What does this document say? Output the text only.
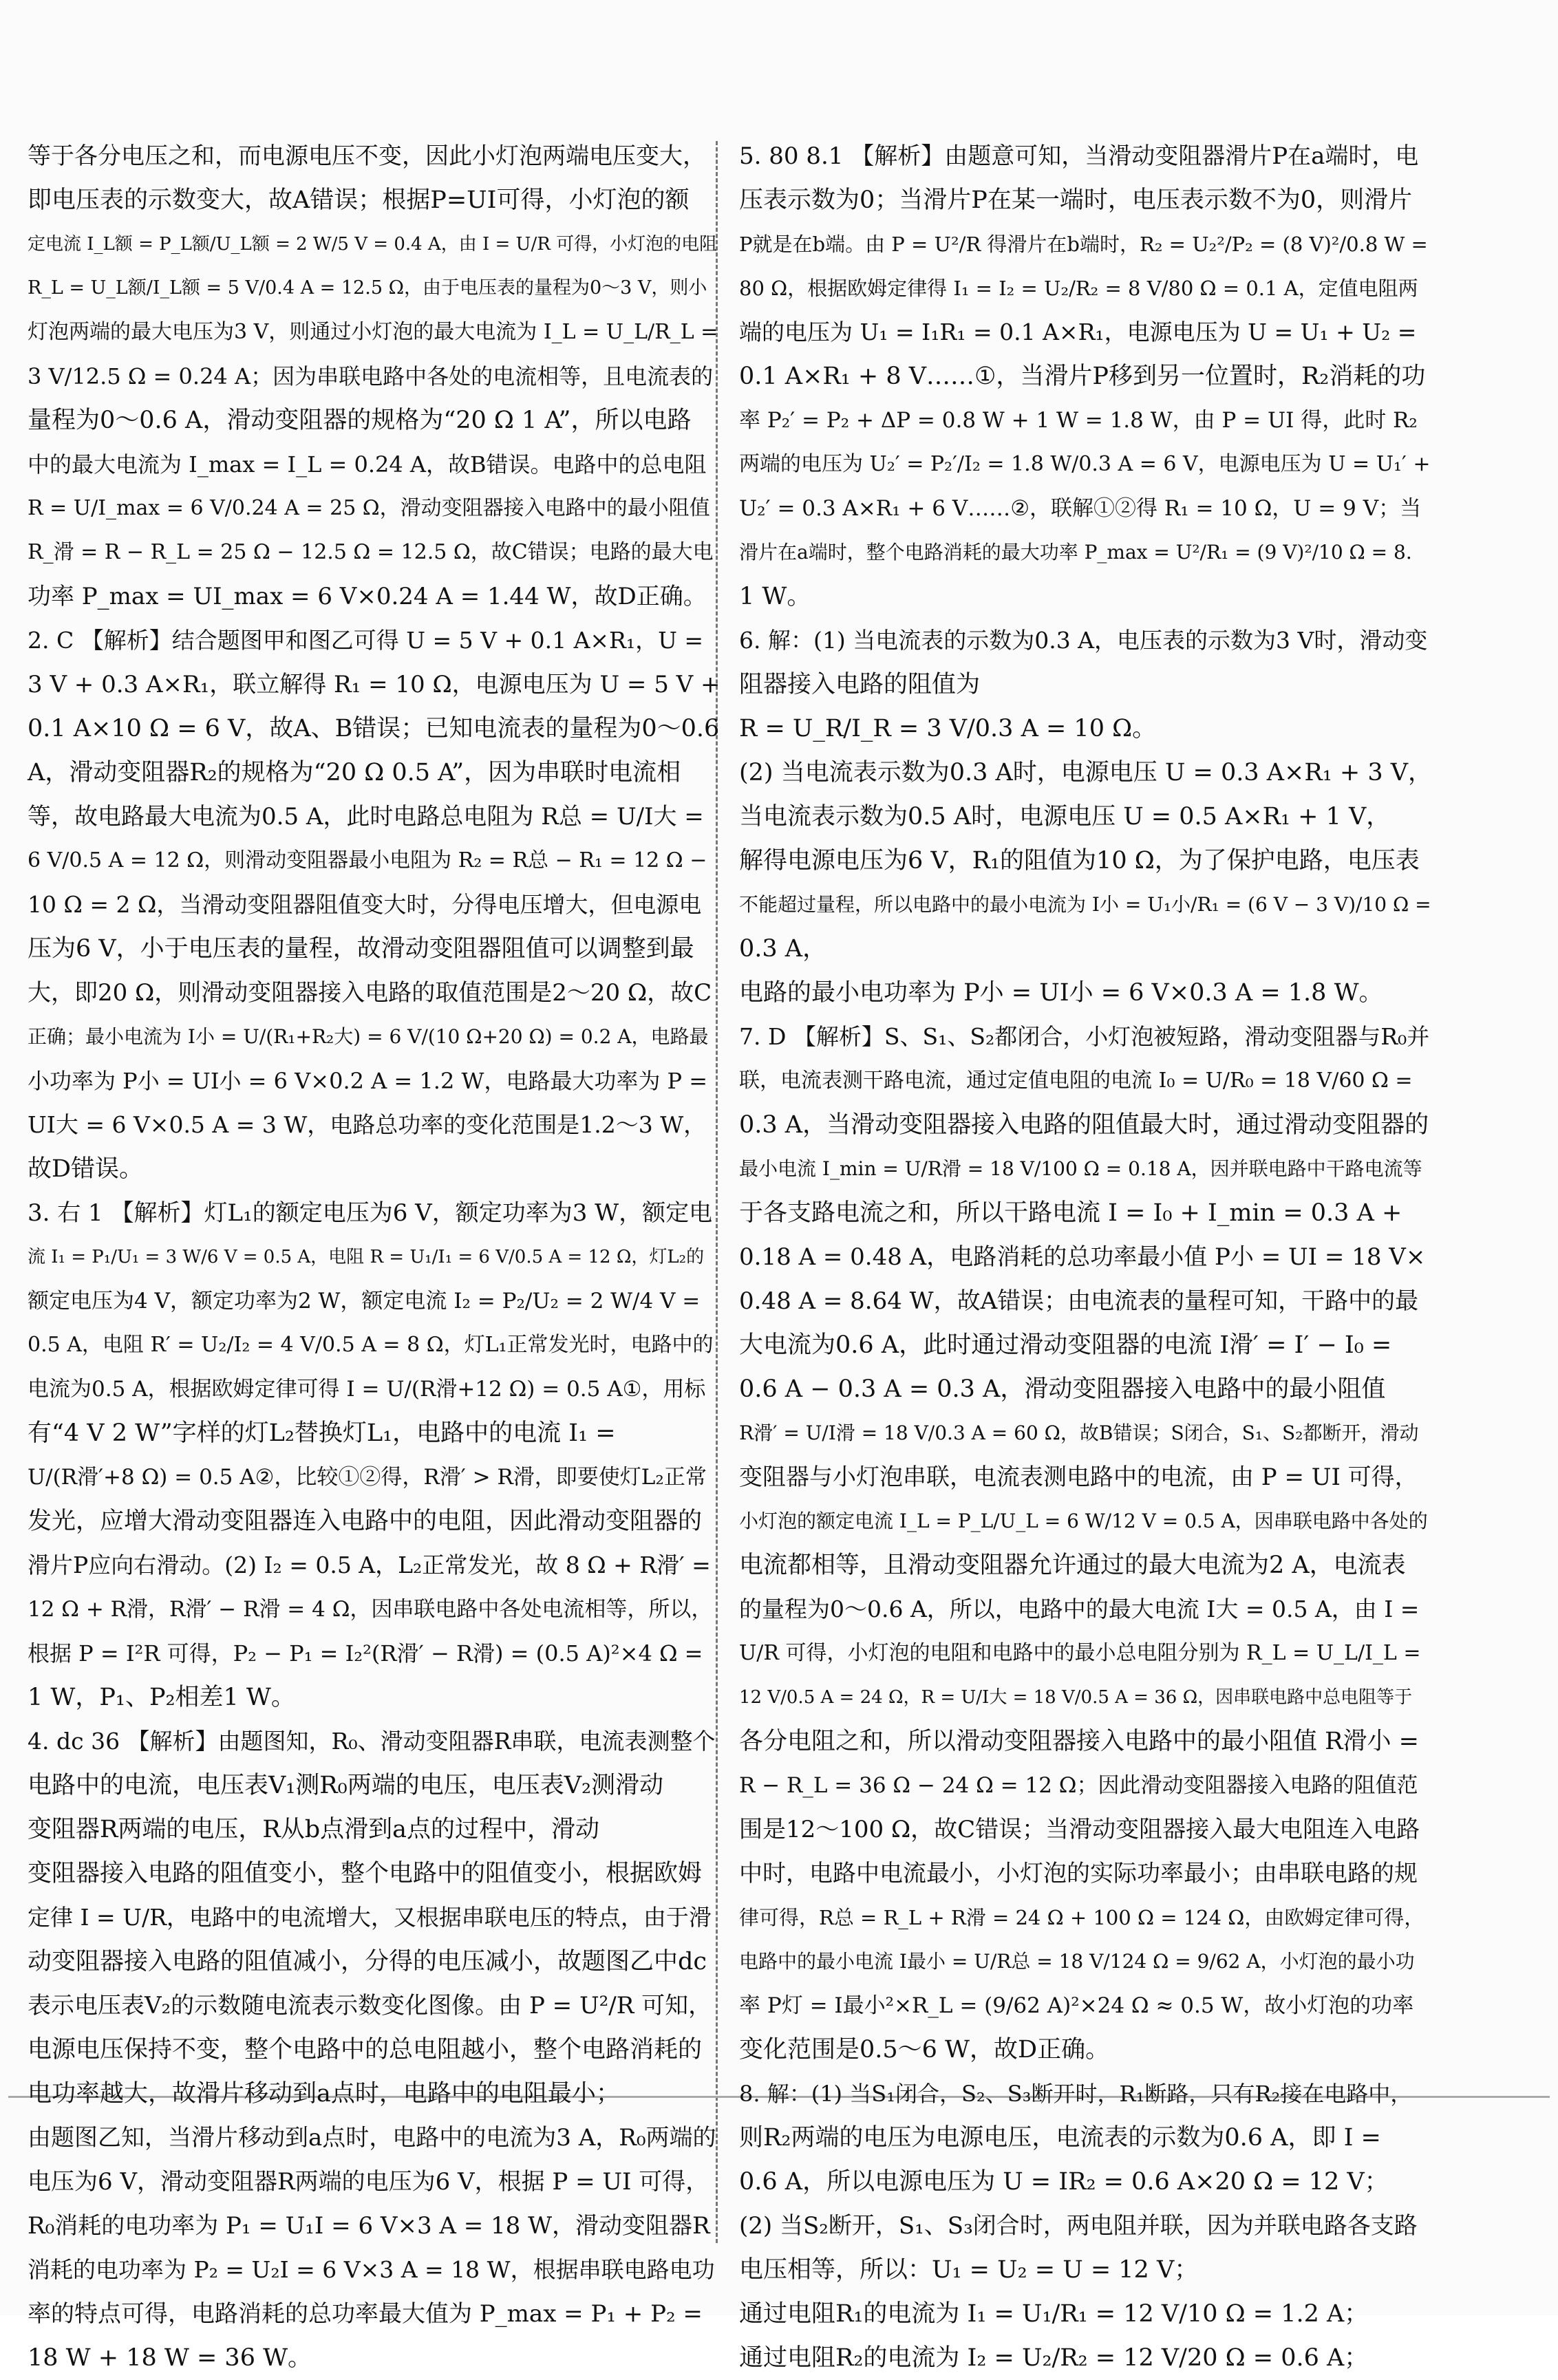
等于各分电压之和，而电源电压不变，因此小灯泡两端电压变大，

即电压表的示数变大，故A错误；根据P=UI可得，小灯泡的额

定电流 I_L额 = P_L额/U_L额 = 2 W/5 V = 0.4 A，由 I = U/R 可得，小灯泡的电阻

R_L = U_L额/I_L额 = 5 V/0.4 A = 12.5 Ω，由于电压表的量程为0～3 V，则小

灯泡两端的最大电压为3 V，则通过小灯泡的最大电流为 I_L = U_L/R_L =

3 V/12.5 Ω = 0.24 A；因为串联电路中各处的电流相等，且电流表的

量程为0～0.6 A，滑动变阻器的规格为“20 Ω 1 A”，所以电路

中的最大电流为 I_max = I_L = 0.24 A，故B错误。电路中的总电阻

R = U/I_max = 6 V/0.24 A = 25 Ω，滑动变阻器接入电路中的最小阻值

R_滑 = R − R_L = 25 Ω − 12.5 Ω = 12.5 Ω，故C错误；电路的最大电

功率 P_max = UI_max = 6 V×0.24 A = 1.44 W，故D正确。

2. C 【解析】结合题图甲和图乙可得 U = 5 V + 0.1 A×R₁，U =

3 V + 0.3 A×R₁，联立解得 R₁ = 10 Ω，电源电压为 U = 5 V +

0.1 A×10 Ω = 6 V，故A、B错误；已知电流表的量程为0～0.6

A，滑动变阻器R₂的规格为“20 Ω 0.5 A”，因为串联时电流相

等，故电路最大电流为0.5 A，此时电路总电阻为 R总 = U/I大 =

6 V/0.5 A = 12 Ω，则滑动变阻器最小电阻为 R₂ = R总 − R₁ = 12 Ω −

10 Ω = 2 Ω，当滑动变阻器阻值变大时，分得电压增大，但电源电

压为6 V，小于电压表的量程，故滑动变阻器阻值可以调整到最

大，即20 Ω，则滑动变阻器接入电路的取值范围是2～20 Ω，故C

正确；最小电流为 I小 = U/(R₁+R₂大) = 6 V/(10 Ω+20 Ω) = 0.2 A，电路最

小功率为 P小 = UI小 = 6 V×0.2 A = 1.2 W，电路最大功率为 P =

UI大 = 6 V×0.5 A = 3 W，电路总功率的变化范围是1.2～3 W，

故D错误。

3. 右 1 【解析】灯L₁的额定电压为6 V，额定功率为3 W，额定电

流 I₁ = P₁/U₁ = 3 W/6 V = 0.5 A，电阻 R = U₁/I₁ = 6 V/0.5 A = 12 Ω，灯L₂的

额定电压为4 V，额定功率为2 W，额定电流 I₂ = P₂/U₂ = 2 W/4 V =

0.5 A，电阻 R′ = U₂/I₂ = 4 V/0.5 A = 8 Ω，灯L₁正常发光时，电路中的

电流为0.5 A，根据欧姆定律可得 I = U/(R滑+12 Ω) = 0.5 A①，用标

有“4 V 2 W”字样的灯L₂替换灯L₁，电路中的电流 I₁ =

U/(R滑′+8 Ω) = 0.5 A②，比较①②得，R滑′ > R滑，即要使灯L₂正常

发光，应增大滑动变阻器连入电路中的电阻，因此滑动变阻器的

滑片P应向右滑动。(2) I₂ = 0.5 A，L₂正常发光，故 8 Ω + R滑′ =

12 Ω + R滑，R滑′ − R滑 = 4 Ω，因串联电路中各处电流相等，所以，

根据 P = I²R 可得，P₂ − P₁ = I₂²(R滑′ − R滑) = (0.5 A)²×4 Ω =

1 W，P₁、P₂相差1 W。

4. dc 36 【解析】由题图知，R₀、滑动变阻器R串联，电流表测整个

电路中的电流，电压表V₁测R₀两端的电压，电压表V₂测滑动

变阻器R两端的电压，R从b点滑到a点的过程中，滑动

变阻器接入电路的阻值变小，整个电路中的阻值变小，根据欧姆

定律 I = U/R，电路中的电流增大，又根据串联电压的特点，由于滑

动变阻器接入电路的阻值减小，分得的电压减小，故题图乙中dc

表示电压表V₂的示数随电流表示数变化图像。由 P = U²/R 可知，

电源电压保持不变，整个电路中的总电阻越小，整个电路消耗的

电功率越大，故滑片移动到a点时，电路中的电阻最小；

由题图乙知，当滑片移动到a点时，电路中的电流为3 A，R₀两端的

电压为6 V，滑动变阻器R两端的电压为6 V，根据 P = UI 可得，

R₀消耗的电功率为 P₁ = U₁I = 6 V×3 A = 18 W，滑动变阻器R

消耗的电功率为 P₂ = U₂I = 6 V×3 A = 18 W，根据串联电路电功

率的特点可得，电路消耗的总功率最大值为 P_max = P₁ + P₂ =

18 W + 18 W = 36 W。

5. 80 8.1 【解析】由题意可知，当滑动变阻器滑片P在a端时，电

压表示数为0；当滑片P在某一端时，电压表示数不为0，则滑片

P就是在b端。由 P = U²/R 得滑片在b端时，R₂ = U₂²/P₂ = (8 V)²/0.8 W =

80 Ω，根据欧姆定律得 I₁ = I₂ = U₂/R₂ = 8 V/80 Ω = 0.1 A，定值电阻两

端的电压为 U₁ = I₁R₁ = 0.1 A×R₁，电源电压为 U = U₁ + U₂ =

0.1 A×R₁ + 8 V……①，当滑片P移到另一位置时，R₂消耗的功

率 P₂′ = P₂ + ΔP = 0.8 W + 1 W = 1.8 W，由 P = UI 得，此时 R₂

两端的电压为 U₂′ = P₂′/I₂ = 1.8 W/0.3 A = 6 V，电源电压为 U = U₁′ +

U₂′ = 0.3 A×R₁ + 6 V……②，联解①②得 R₁ = 10 Ω，U = 9 V；当

滑片在a端时，整个电路消耗的最大功率 P_max = U²/R₁ = (9 V)²/10 Ω = 8.

1 W。

6. 解：(1) 当电流表的示数为0.3 A，电压表的示数为3 V时，滑动变

阻器接入电路的阻值为

R = U_R/I_R = 3 V/0.3 A = 10 Ω。

(2) 当电流表示数为0.3 A时，电源电压 U = 0.3 A×R₁ + 3 V，

当电流表示数为0.5 A时，电源电压 U = 0.5 A×R₁ + 1 V，

解得电源电压为6 V，R₁的阻值为10 Ω，为了保护电路，电压表

不能超过量程，所以电路中的最小电流为 I小 = U₁小/R₁ = (6 V − 3 V)/10 Ω =

0.3 A，

电路的最小电功率为 P小 = UI小 = 6 V×0.3 A = 1.8 W。

7. D 【解析】S、S₁、S₂都闭合，小灯泡被短路，滑动变阻器与R₀并

联，电流表测干路电流，通过定值电阻的电流 I₀ = U/R₀ = 18 V/60 Ω =

0.3 A，当滑动变阻器接入电路的阻值最大时，通过滑动变阻器的

最小电流 I_min = U/R滑 = 18 V/100 Ω = 0.18 A，因并联电路中干路电流等

于各支路电流之和，所以干路电流 I = I₀ + I_min = 0.3 A +

0.18 A = 0.48 A，电路消耗的总功率最小值 P小 = UI = 18 V×

0.48 A = 8.64 W，故A错误；由电流表的量程可知，干路中的最

大电流为0.6 A，此时通过滑动变阻器的电流 I滑′ = I′ − I₀ =

0.6 A − 0.3 A = 0.3 A，滑动变阻器接入电路中的最小阻值

R滑′ = U/I滑 = 18 V/0.3 A = 60 Ω，故B错误；S闭合，S₁、S₂都断开，滑动

变阻器与小灯泡串联，电流表测电路中的电流，由 P = UI 可得，

小灯泡的额定电流 I_L = P_L/U_L = 6 W/12 V = 0.5 A，因串联电路中各处的

电流都相等，且滑动变阻器允许通过的最大电流为2 A，电流表

的量程为0～0.6 A，所以，电路中的最大电流 I大 = 0.5 A，由 I =

U/R 可得，小灯泡的电阻和电路中的最小总电阻分别为 R_L = U_L/I_L =

12 V/0.5 A = 24 Ω，R = U/I大 = 18 V/0.5 A = 36 Ω，因串联电路中总电阻等于

各分电阻之和，所以滑动变阻器接入电路中的最小阻值 R滑小 =

R − R_L = 36 Ω − 24 Ω = 12 Ω；因此滑动变阻器接入电路的阻值范

围是12～100 Ω，故C错误；当滑动变阻器接入最大电阻连入电路

中时，电路中电流最小，小灯泡的实际功率最小；由串联电路的规

律可得，R总 = R_L + R滑 = 24 Ω + 100 Ω = 124 Ω，由欧姆定律可得，

电路中的最小电流 I最小 = U/R总 = 18 V/124 Ω = 9/62 A，小灯泡的最小功

率 P灯 = I最小²×R_L = (9/62 A)²×24 Ω ≈ 0.5 W，故小灯泡的功率

变化范围是0.5～6 W，故D正确。

8. 解：(1) 当S₁闭合，S₂、S₃断开时，R₁断路，只有R₂接在电路中，

则R₂两端的电压为电源电压，电流表的示数为0.6 A，即 I =

0.6 A，所以电源电压为 U = IR₂ = 0.6 A×20 Ω = 12 V；

(2) 当S₂断开，S₁、S₃闭合时，两电阻并联，因为并联电路各支路

电压相等，所以：U₁ = U₂ = U = 12 V；

通过电阻R₁的电流为 I₁ = U₁/R₁ = 12 V/10 Ω = 1.2 A；

通过电阻R₂的电流为 I₂ = U₂/R₂ = 12 V/20 Ω = 0.6 A；
